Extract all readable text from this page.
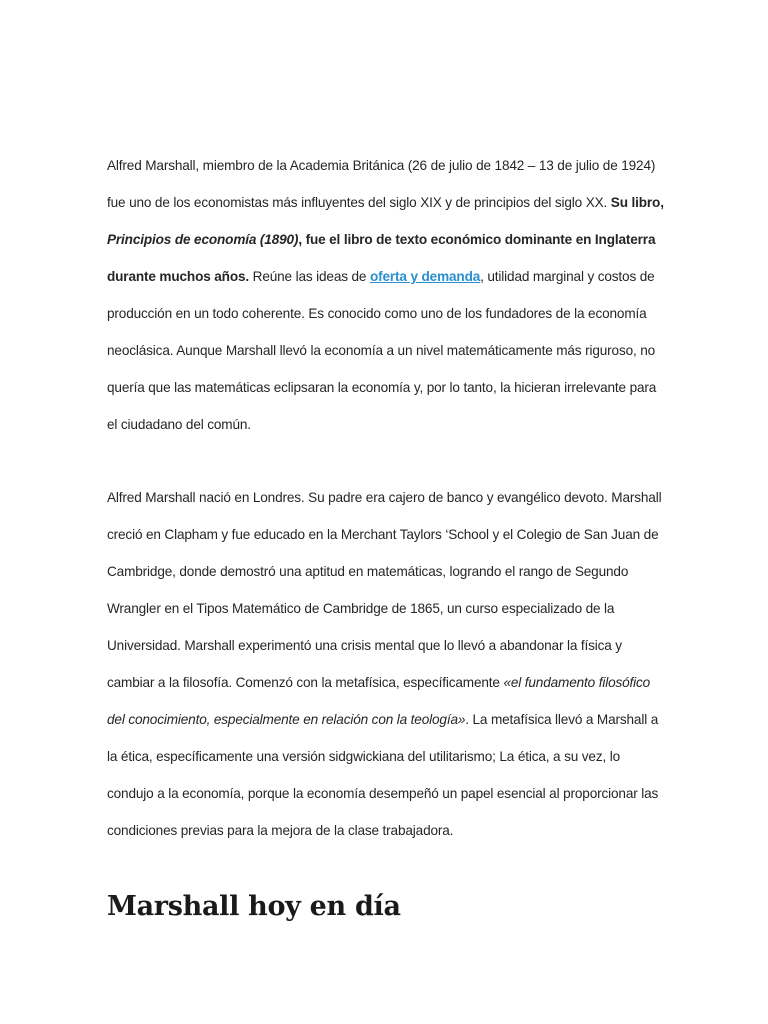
Alfred Marshall, miembro de la Academia Británica (26 de julio de 1842 – 13 de julio de 1924) fue uno de los economistas más influyentes del siglo XIX y de principios del siglo XX. Su libro, Principios de economía (1890), fue el libro de texto económico dominante en Inglaterra durante muchos años. Reúne las ideas de oferta y demanda, utilidad marginal y costos de producción en un todo coherente. Es conocido como uno de los fundadores de la economía neoclásica. Aunque Marshall llevó la economía a un nivel matemáticamente más riguroso, no quería que las matemáticas eclipsaran la economía y, por lo tanto, la hicieran irrelevante para el ciudadano del común.

Alfred Marshall nació en Londres. Su padre era cajero de banco y evangélico devoto. Marshall creció en Clapham y fue educado en la Merchant Taylors ‘School y el Colegio de San Juan de Cambridge, donde demostró una aptitud en matemáticas, logrando el rango de Segundo Wrangler en el Tipos Matemático de Cambridge de 1865, un curso especializado de la Universidad. Marshall experimentó una crisis mental que lo llevó a abandonar la física y cambiar a la filosofía. Comenzó con la metafísica, específicamente «el fundamento filosófico del conocimiento, especialmente en relación con la teología». La metafísica llevó a Marshall a la ética, específicamente una versión sidgwickiana del utilitarismo; La ética, a su vez, lo condujo a la economía, porque la economía desempeñó un papel esencial al proporcionar las condiciones previas para la mejora de la clase trabajadora.

Marshall hoy en día
